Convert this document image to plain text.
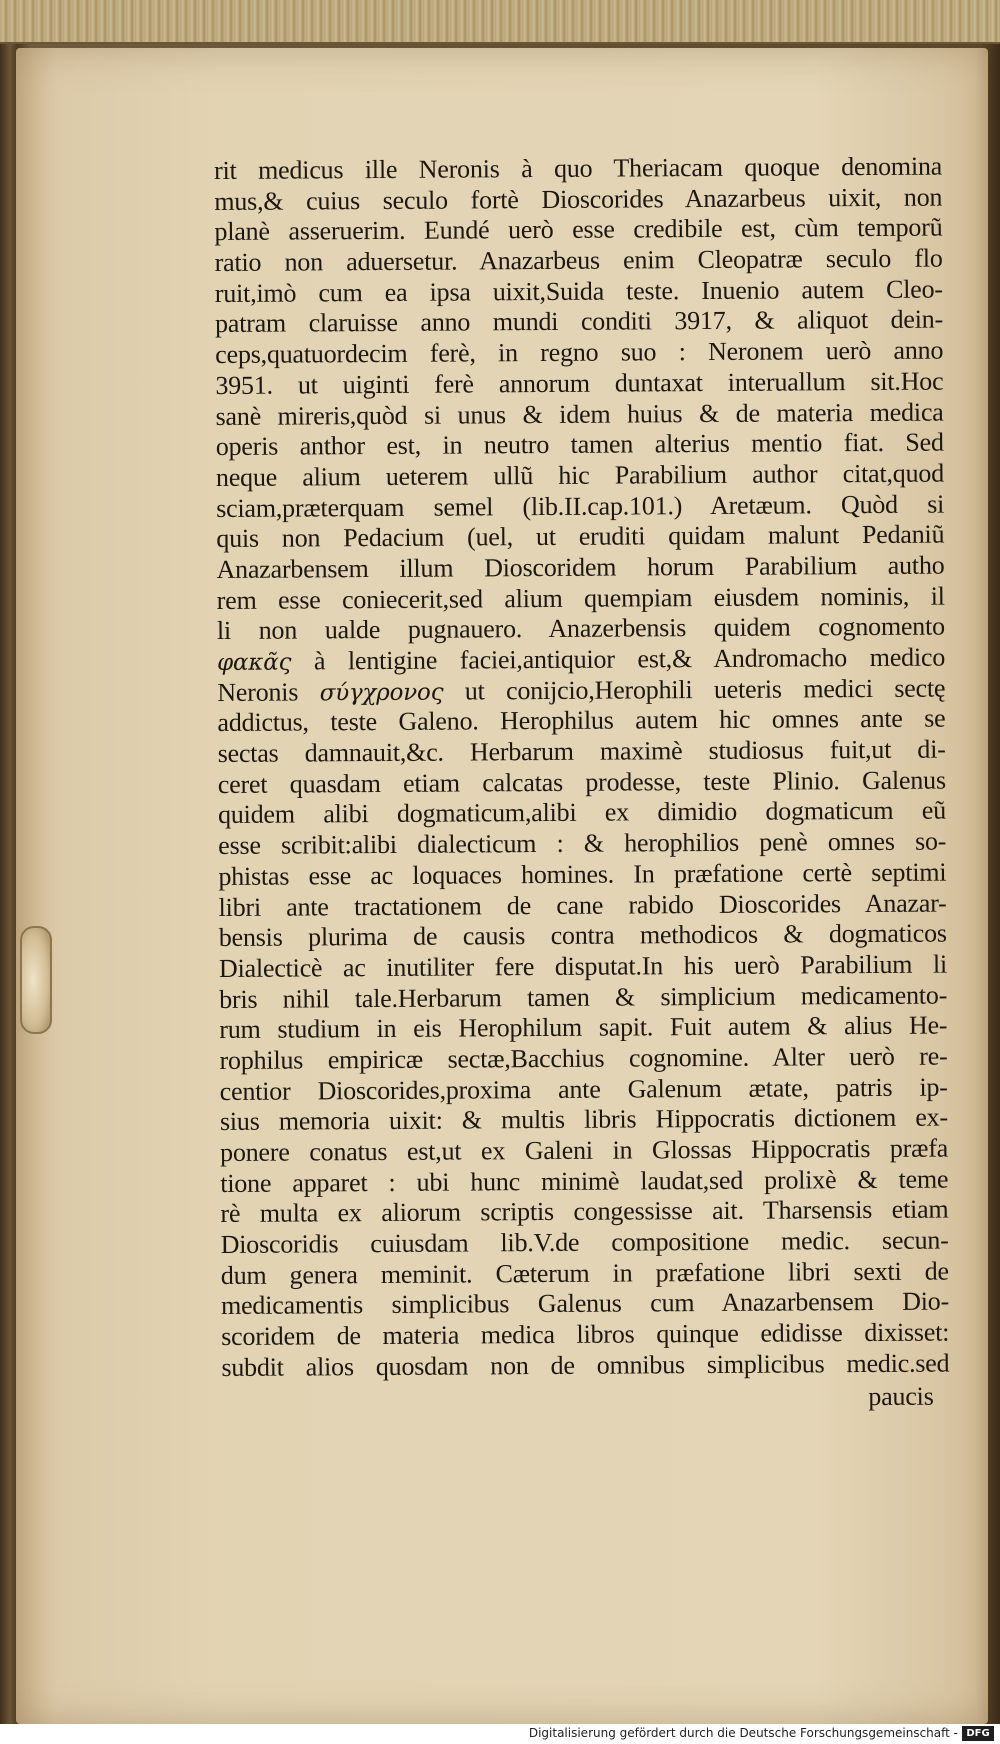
rit medicus ille Neronis à quo Theriacam quoque denomina
mus,& cuius seculo fortè Dioscorides Anazarbeus uixit, non
planè asseruerim. Eundé uerò esse credibile est, cùm temporũ
ratio non aduersetur. Anazarbeus enim Cleopatræ seculo flo
ruit,imò cum ea ipsa uixit,Suida teste. Inuenio autem Cleo-
patram claruisse anno mundi conditi 3917, & aliquot dein-
ceps,quatuordecim ferè, in regno suo : Neronem uerò anno
3951. ut uiginti ferè annorum duntaxat interuallum sit.Hoc
sanè mireris,quòd si unus & idem huius & de materia medica
operis anthor est, in neutro tamen alterius mentio fiat. Sed
neque alium ueterem ullũ hic Parabilium author citat,quod
sciam,præterquam semel (lib.II.cap.101.) Aretæum. Quòd si
quis non Pedacium (uel, ut eruditi quidam malunt Pedaniũ
Anazarbensem illum Dioscoridem horum Parabilium autho
rem esse coniecerit,sed alium quempiam eiusdem nominis, il
li non ualde pugnauero. Anazerbensis quidem cognomento
φακᾶς à lentigine faciei,antiquior est,& Andromacho medico
Neronis σύγχρονος ut conijcio,Herophili ueteris medici sectę
addictus, teste Galeno. Herophilus autem hic omnes ante se
sectas damnauit,&c. Herbarum maximè studiosus fuit,ut di-
ceret quasdam etiam calcatas prodesse, teste Plinio. Galenus
quidem alibi dogmaticum,alibi ex dimidio dogmaticum eũ
esse scribit:alibi dialecticum : & herophilios penè omnes so-
phistas esse ac loquaces homines. In præfatione certè septimi
libri ante tractationem de cane rabido Dioscorides Anazar-
bensis plurima de causis contra methodicos & dogmaticos
Dialecticè ac inutiliter fere disputat.In his uerò Parabilium li
bris nihil tale.Herbarum tamen & simplicium medicamento-
rum studium in eis Herophilum sapit. Fuit autem & alius He-
rophilus empiricæ sectæ,Bacchius cognomine. Alter uerò re-
centior Dioscorides,proxima ante Galenum ætate, patris ip-
sius memoria uixit: & multis libris Hippocratis dictionem ex-
ponere conatus est,ut ex Galeni in Glossas Hippocratis præfa
tione apparet : ubi hunc minimè laudat,sed prolixè & teme
rè multa ex aliorum scriptis congessisse ait. Tharsensis etiam
Dioscoridis cuiusdam lib.V.de compositione medic. secun-
dum genera meminit. Cæterum in præfatione libri sexti de
medicamentis simplicibus Galenus cum Anazarbensem Dio-
scoridem de materia medica libros quinque edidisse dixisset:
subdit alios quosdam non de omnibus simplicibus medic.sed
paucis
Digitalisierung gefördert durch die Deutsche Forschungsgemeinschaft - DFG
